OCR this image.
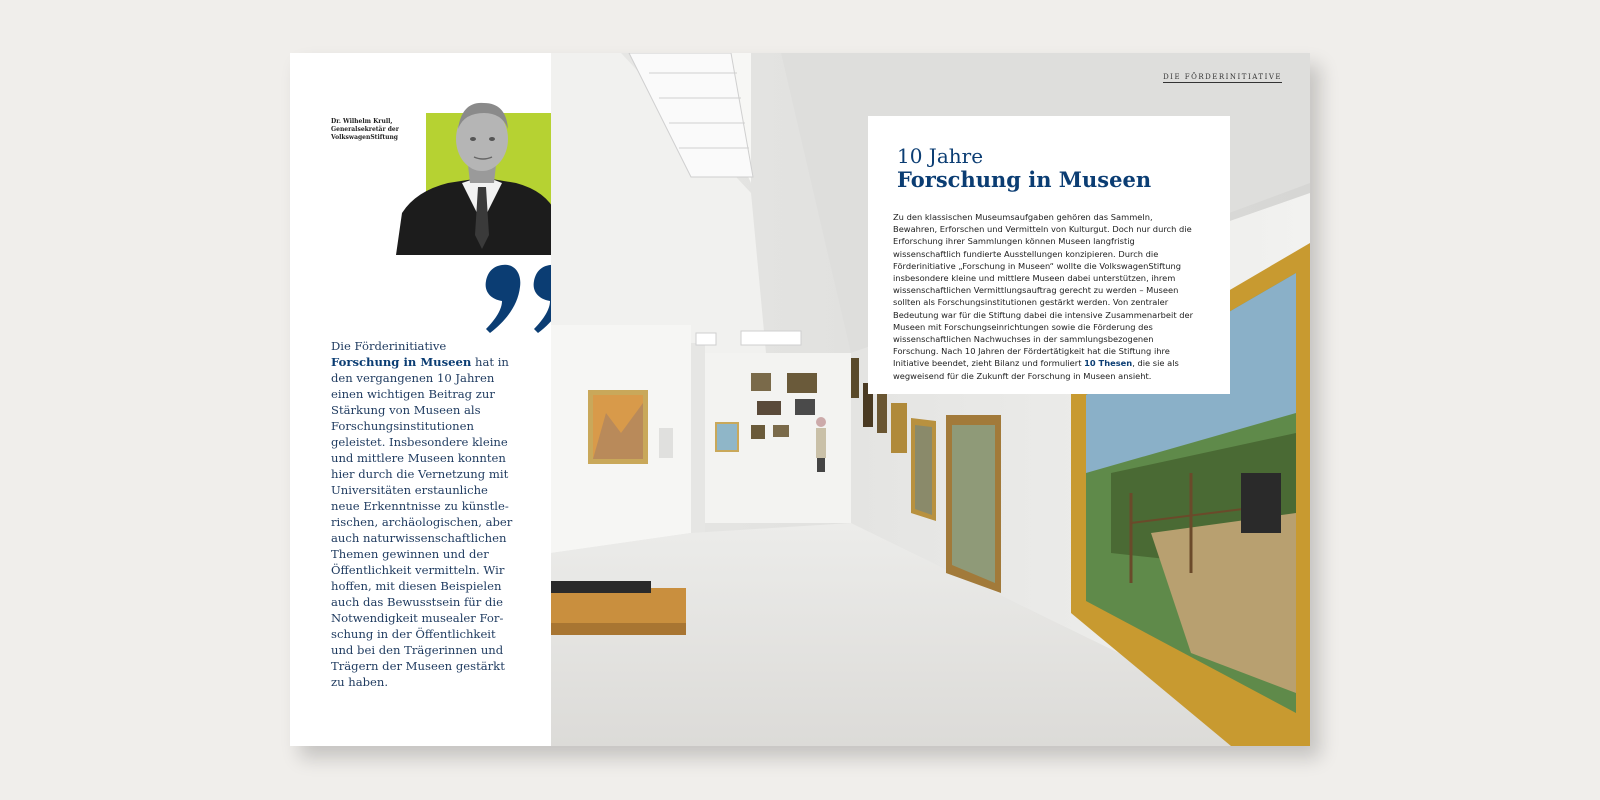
Dr. Wilhelm Krull,
Generalsekretär der
VolkswagenStiftung
Die Förderinitiative
Forschung in Museen hat in den vergangenen 10 Jahren einen wichtigen Beitrag zur Stärkung von Museen als Forschungsinstitutionen geleistet. Insbesondere kleine und mittlere Museen konnten hier durch die Vernetzung mit Universitäten erstaunliche neue Erkenntnisse zu künstlerischen, archäologischen, aber auch naturwissenschaftlichen Themen gewinnen und der Öffentlichkeit vermitteln. Wir hoffen, mit diesen Beispielen auch das Bewusstsein für die Notwendigkeit musealer Forschung in der Öffentlichkeit und bei den Trägerinnen und Trägern der Museen gestärkt zu haben.
DIE FÖRDERINITIATIVE
10 Jahre
Forschung in Museen
Zu den klassischen Museumsaufgaben gehören das Sammeln, Bewahren, Erforschen und Vermitteln von Kulturgut. Doch nur durch die Erforschung ihrer Sammlungen können Museen langfristig wissenschaftlich fundierte Ausstellungen konzipieren. Durch die Förderinitiative „Forschung in Museen“ wollte die VolkswagenStiftung insbesondere kleine und mittlere Museen dabei unterstützen, ihrem wissenschaftlichen Vermittlungsauftrag gerecht zu werden – Museen sollten als Forschungsinstitutionen gestärkt werden. Von zentraler Bedeutung war für die Stiftung dabei die intensive Zusammenarbeit der Museen mit Forschungseinrichtungen sowie die Förderung des wissenschaftlichen Nachwuchses in der sammlungsbezogenen Forschung. Nach 10 Jahren der Fördertätigkeit hat die Stiftung ihre Initiative beendet, zieht Bilanz und formuliert 10 Thesen, die sie als wegweisend für die Zukunft der Forschung in Museen ansieht.
